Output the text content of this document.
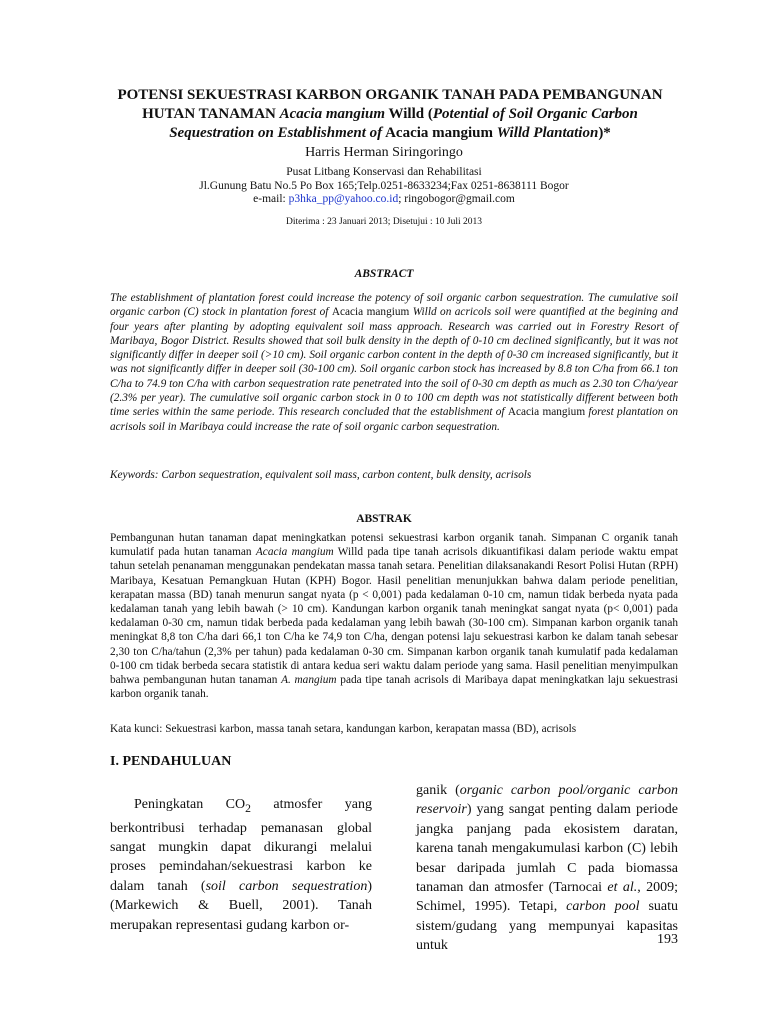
POTENSI SEKUESTRASI KARBON ORGANIK TANAH PADA PEMBANGUNAN HUTAN TANAMAN Acacia mangium Willd (Potential of Soil Organic Carbon Sequestration on Establishment of Acacia mangium Willd Plantation)*
Harris Herman Siringoringo
Pusat Litbang Konservasi dan Rehabilitasi
Jl.Gunung Batu No.5 Po Box 165;Telp.0251-8633234;Fax 0251-8638111 Bogor
e-mail: p3hka_pp@yahoo.co.id; ringobogor@gmail.com
Diterima : 23 Januari 2013; Disetujui : 10 Juli 2013
ABSTRACT
The establishment of plantation forest could increase the potency of soil organic carbon sequestration. The cumulative soil organic carbon (C) stock in plantation forest of Acacia mangium Willd on acricols soil were quantified at the begining and four years after planting by adopting equivalent soil mass approach. Research was carried out in Forestry Resort of Maribaya, Bogor District. Results showed that soil bulk density in the depth of 0-10 cm declined significantly, but it was not significantly differ in deeper soil (>10 cm). Soil organic carbon content in the depth of 0-30 cm increased significantly, but it was not significantly differ in deeper soil (30-100 cm). Soil organic carbon stock has increased by 8.8 ton C/ha from 66.1 ton C/ha to 74.9 ton C/ha with carbon sequestration rate penetrated into the soil of 0-30 cm depth as much as 2.30 ton C/ha/year (2.3% per year). The cumulative soil organic carbon stock in 0 to 100 cm depth was not statistically different between both time series within the same periode. This research concluded that the establishment of Acacia mangium forest plantation on acrisols soil in Maribaya could increase the rate of soil organic carbon sequestration.
Keywords: Carbon sequestration, equivalent soil mass, carbon content, bulk density, acrisols
ABSTRAK
Pembangunan hutan tanaman dapat meningkatkan potensi sekuestrasi karbon organik tanah. Simpanan C organik tanah kumulatif pada hutan tanaman Acacia mangium Willd pada tipe tanah acrisols dikuantifikasi dalam periode waktu empat tahun setelah penanaman menggunakan pendekatan massa tanah setara. Penelitian dilaksanakandi Resort Polisi Hutan (RPH) Maribaya, Kesatuan Pemangkuan Hutan (KPH) Bogor. Hasil penelitian menunjukkan bahwa dalam periode penelitian, kerapatan massa (BD) tanah menurun sangat nyata (p < 0,001) pada kedalaman 0-10 cm, namun tidak berbeda nyata pada kedalaman tanah yang lebih bawah (> 10 cm). Kandungan karbon organik tanah meningkat sangat nyata (p< 0,001) pada kedalaman 0-30 cm, namun tidak berbeda pada kedalaman yang lebih bawah (30-100 cm). Simpanan karbon organik tanah meningkat 8,8 ton C/ha dari 66,1 ton C/ha ke 74,9 ton C/ha, dengan potensi laju sekuestrasi karbon ke dalam tanah sebesar 2,30 ton C/ha/tahun (2,3% per tahun) pada kedalaman 0-30 cm. Simpanan karbon organik tanah kumulatif pada kedalaman 0-100 cm tidak berbeda secara statistik di antara kedua seri waktu dalam periode yang sama. Hasil penelitian menyimpulkan bahwa pembangunan hutan tanaman A. mangium pada tipe tanah acrisols di Maribaya dapat meningkatkan laju sekuestrasi karbon organik tanah.
Kata kunci: Sekuestrasi karbon, massa tanah setara, kandungan karbon, kerapatan massa (BD), acrisols
I. PENDAHULUAN

Peningkatan $CO_2$ atmosfer yang berkontribusi terhadap pemanasan global sangat mungkin dapat dikurangi melalui proses pemindahan/sekuestrasi karbon ke dalam tanah (soil carbon sequestration) (Markewich & Buell, 2001). Tanah merupakan representasi gudang karbon or-

ganik (organic carbon pool/organic carbon reservoir) yang sangat penting dalam periode jangka panjang pada ekosistem daratan, karena tanah mengakumulasi karbon (C) lebih besar daripada jumlah C pada biomassa tanaman dan atmosfer (Tarnocai et al., 2009; Schimel, 1995). Tetapi, carbon pool suatu sistem/gudang yang mempunyai kapasitas untuk	193
